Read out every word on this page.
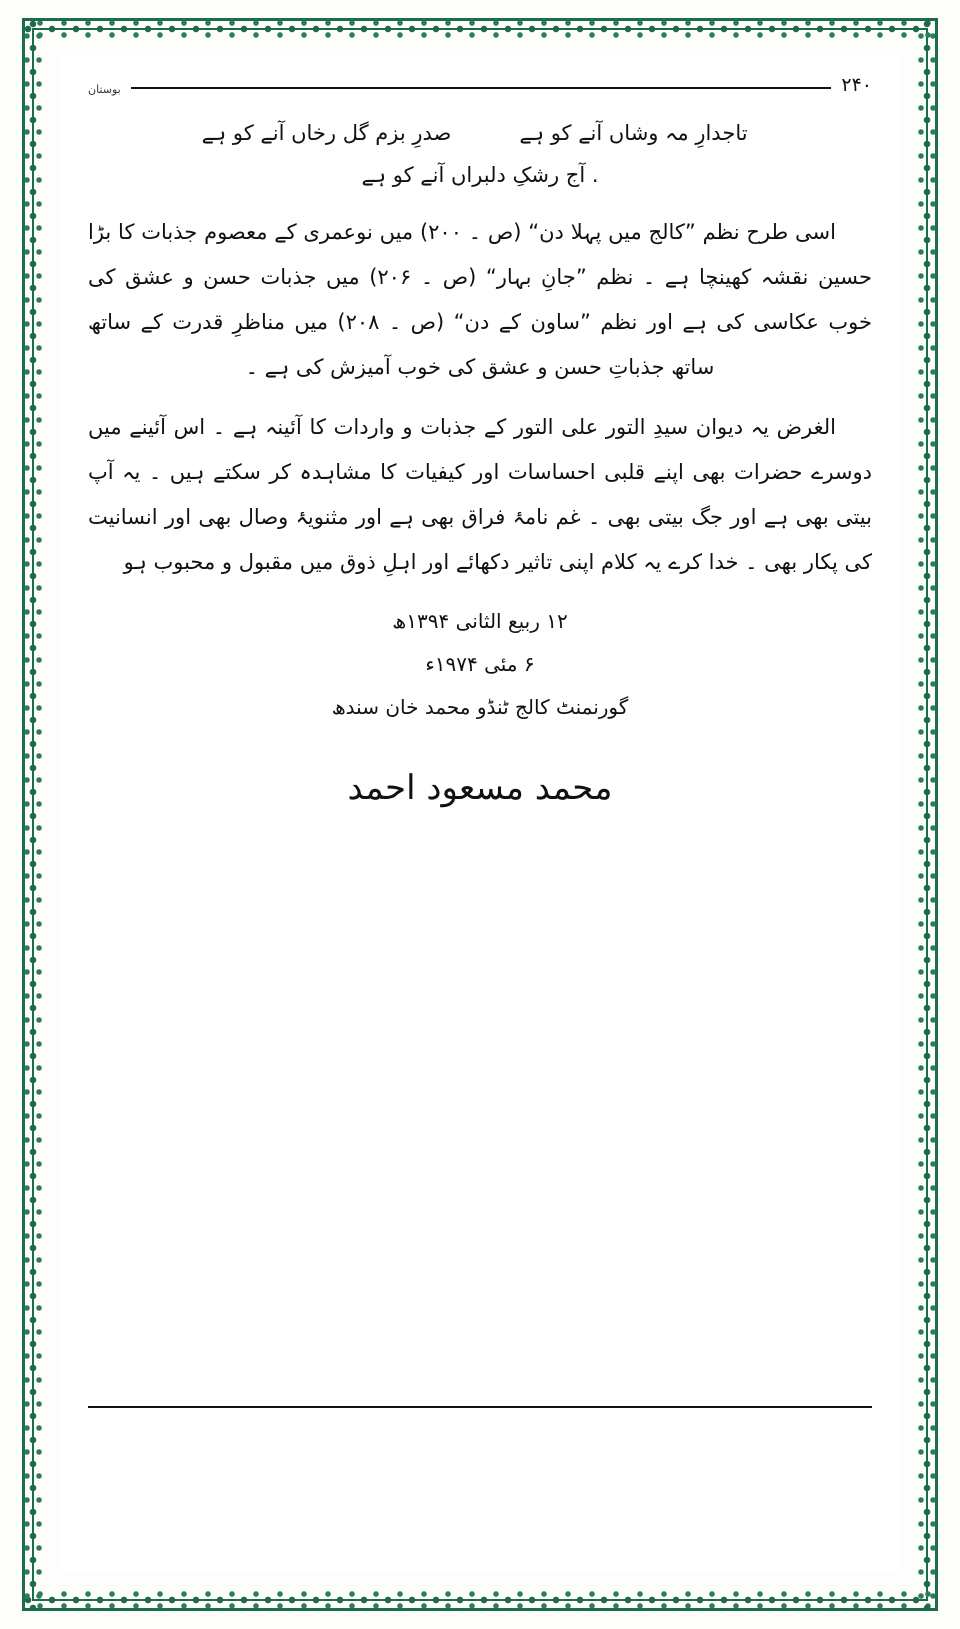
۲۴۰
بوستان
تاجدارِ مہ وشاں آنے کو ہے صدرِ بزم گل رخاں آنے کو ہے
. آج رشکِ دلبراں آنے کو ہے

اسی طرح نظم ”کالج میں پہلا دن“ (ص ۔ ۲۰۰) میں نوعمری کے معصوم جذبات کا بڑا حسین نقشہ کھینچا ہے ۔ نظم ”جانِ بہار“ (ص ۔ ۲۰۶) میں جذبات حسن و عشق کی خوب عکاسی کی ہے اور نظم ”ساون کے دن“ (ص ۔ ۲۰۸) میں مناظرِ قدرت کے ساتھ ساتھ جذباتِ حسن و عشق کی خوب آمیزش کی ہے ۔

الغرض یہ دیوان سیدِ التور علی التور کے جذبات و واردات کا آئینہ ہے ۔ اس آئینے میں دوسرے حضرات بھی اپنے قلبی احساسات اور کیفیات کا مشاہدہ کر سکتے ہیں ۔ یہ آپ بیتی بھی ہے اور جگ بیتی بھی ۔ غم نامۂ فراق بھی ہے اور مثنویۂ وصال بھی اور انسانیت کی پکار بھی ۔ خدا کرے یہ کلام اپنی تاثیر دکھائے اور اہلِ ذوق میں مقبول و محبوب ہو

۱۲ ربیع الثانی ۱۳۹۴ھ
۶ مئی ۱۹۷۴ء
گورنمنٹ کالج ٹنڈو محمد خان سندھ
محمد مسعود احمد
